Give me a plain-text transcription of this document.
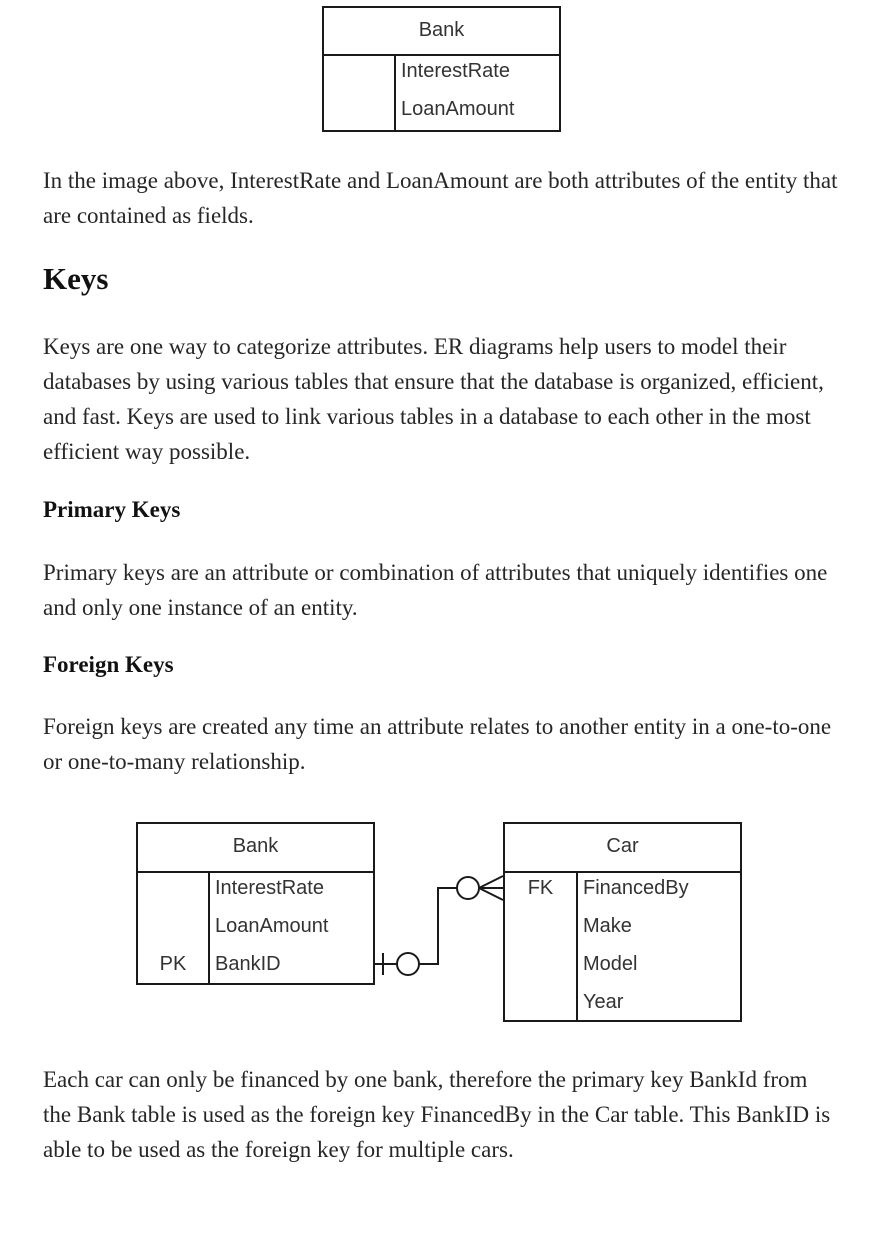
Bank
InterestRate
LoanAmount

In the image above, InterestRate and LoanAmount are both attributes of the entity that are contained as fields.

Keys

Keys are one way to categorize attributes. ER diagrams help users to model their databases by using various tables that ensure that the database is organized, efficient, and fast. Keys are used to link various tables in a database to each other in the most efficient way possible.

Primary Keys

Primary keys are an attribute or combination of attributes that uniquely identifies one and only one instance of an entity.

Foreign Keys

Foreign keys are created any time an attribute relates to another entity in a one-to-one or one-to-many relationship.

Bank
InterestRate
LoanAmount
PK	BankID
Car
FK	FinancedBy
Make
Model
Year

Each car can only be financed by one bank, therefore the primary key BankId from the Bank table is used as the foreign key FinancedBy in the Car table. This BankID is able to be used as the foreign key for multiple cars.
